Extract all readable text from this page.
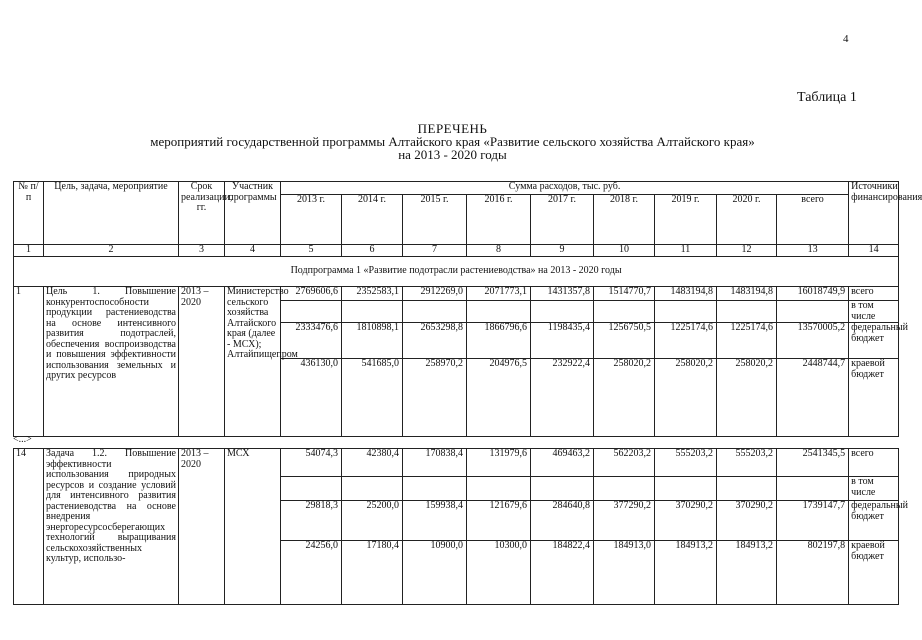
4
Таблица 1
ПЕРЕЧЕНЬ
мероприятий государственной программы Алтайского края «Развитие сельского хозяйства Алтайского края»
на 2013 - 2020 годы
№ п/п	Цель, задача, мероприятие	Срок реализации, гг.	Участник программы	Сумма расходов, тыс. руб.									Источники финансирования
				2013 г.	2014 г.	2015 г.	2016 г.	2017 г.	2018 г.	2019 г.	2020 г.	всего	
1	2	3	4	5	6	7	8	9	10	11	12	13	14
Подпрограмма 1 «Развитие подотрасли растениеводства» на 2013 - 2020 годы													
1	Цель 1. Повышение конкурентоспособности продукции растениеводства на основе интенсивного развития подотраслей, обеспечения воспроизводства и повышения эффективности использования земельных и других ресурсов	2013 – 2020	Министерство сельского хозяйства Алтайского края (далее - МСХ); Алтайпищепром	2769606,6	2352583,1	2912269,0	2071773,1	1431357,8	1514770,7	1483194,8	1483194,8	16018749,9	всего
													в том числе
				2333476,6	1810898,1	2653298,8	1866796,6	1198435,4	1256750,5	1225174,6	1225174,6	13570005,2	федеральный бюджет
				436130,0	541685,0	258970,2	204976,5	232922,4	258020,2	258020,2	258020,2	2448744,7	краевой бюджет

14	Задача 1.2. Повышение эффективности использования природных ресурсов и создание условий для интенсивного развития растениеводства на основе внедрения энергоресурсосберегающих технологий выращивания сельскохозяйственных культур, использо-	2013 – 2020	МСХ	54074,3	42380,4	170838,4	131979,6	469463,2	562203,2	555203,2	555203,2	2541345,5	всего
													в том числе
				29818,3	25200,0	159938,4	121679,6	284640,8	377290,2	370290,2	370290,2	1739147,7	федеральный бюджет
				24256,0	17180,4	10900,0	10300,0	184822,4	184913,0	184913,2	184913,2	802197,8	краевой бюджет
<...>
